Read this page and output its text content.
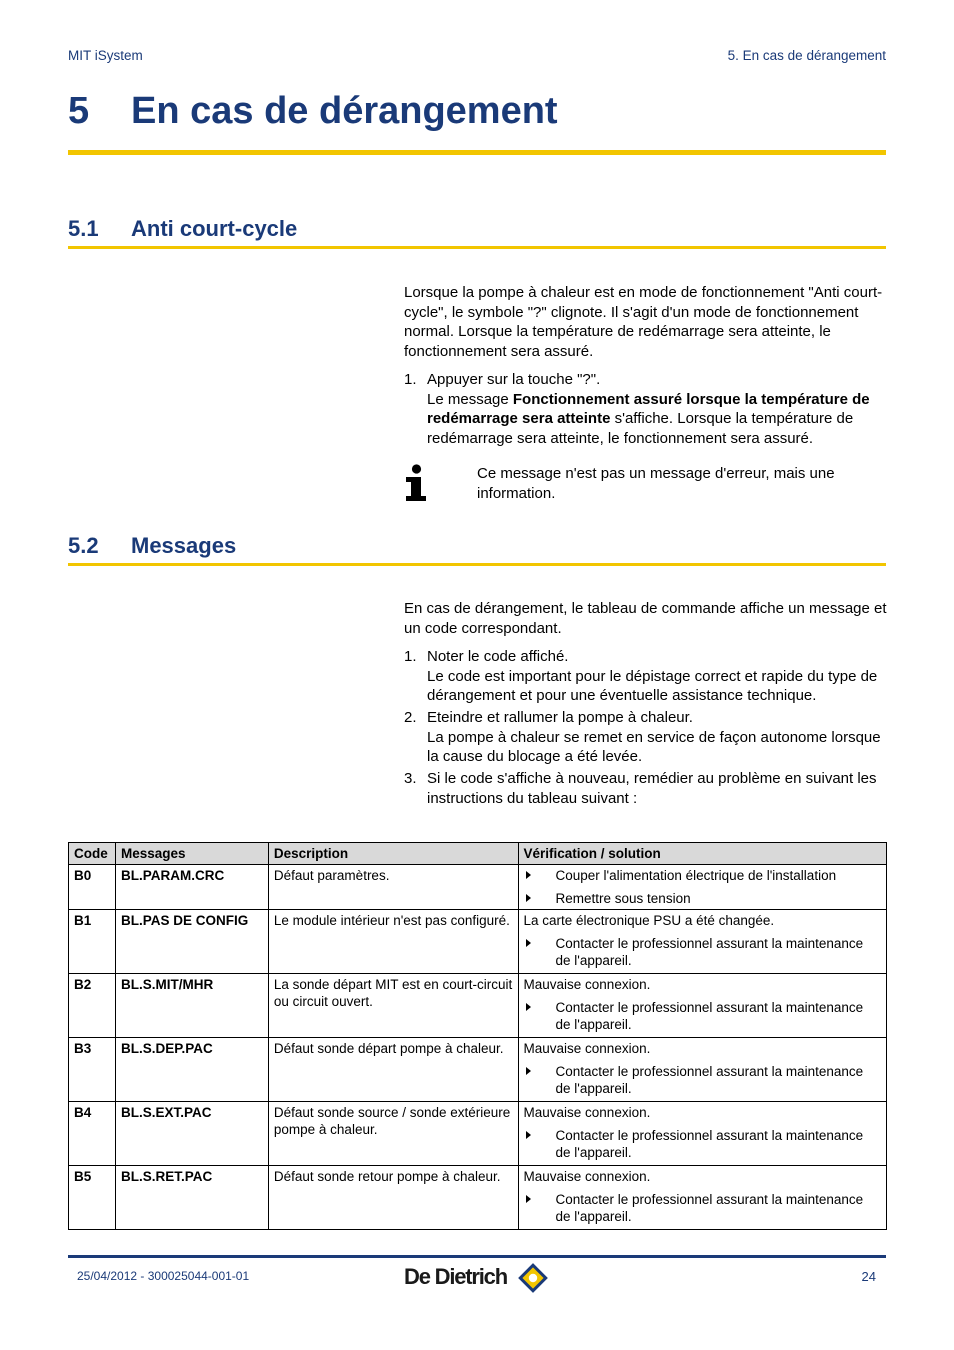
MIT iSystem	5. En cas de dérangement
5 En cas de dérangement
5.1 Anti court-cycle
Lorsque la pompe à chaleur est en mode de fonctionnement "Anti court-cycle", le symbole "?" clignote. Il s'agit d'un mode de fonctionnement normal. Lorsque la température de redémarrage sera atteinte, le fonctionnement sera assuré.
1. Appuyer sur la touche "?".
Le message Fonctionnement assuré lorsque la température de redémarrage sera atteinte s'affiche. Lorsque la température de redémarrage sera atteinte, le fonctionnement sera assuré.
Ce message n'est pas un message d'erreur, mais une information.
5.2 Messages
En cas de dérangement, le tableau de commande affiche un message et un code correspondant.
1. Noter le code affiché.
Le code est important pour le dépistage correct et rapide du type de dérangement et pour une éventuelle assistance technique.
2. Eteindre et rallumer la pompe à chaleur.
La pompe à chaleur se remet en service de façon autonome lorsque la cause du blocage a été levée.
3. Si le code s'affiche à nouveau, remédier au problème en suivant les instructions du tableau suivant :
Code	Messages	Description	Vérification / solution
B0	BL.PARAM.CRC	Défaut paramètres.	Couper l'alimentation électrique de l'installation
Remettre sous tension

B1	BL.PAS DE CONFIG	Le module intérieur n'est pas configuré.	La carte électronique PSU a été changée.
Contacter le professionnel assurant la maintenance de l'appareil.

B2	BL.S.MIT/MHR	La sonde départ MIT est en court-circuit ou circuit ouvert.	Mauvaise connexion.
Contacter le professionnel assurant la maintenance de l'appareil.

B3	BL.S.DEP.PAC	Défaut sonde départ pompe à chaleur.	Mauvaise connexion.
Contacter le professionnel assurant la maintenance de l'appareil.

B4	BL.S.EXT.PAC	Défaut sonde source / sonde extérieure pompe à chaleur.	Mauvaise connexion.
Contacter le professionnel assurant la maintenance de l'appareil.

B5	BL.S.RET.PAC	Défaut sonde retour pompe à chaleur.	Mauvaise connexion.
Contacter le professionnel assurant la maintenance de l'appareil.
25/04/2012 - 300025044-001-01	De Dietrich	24
